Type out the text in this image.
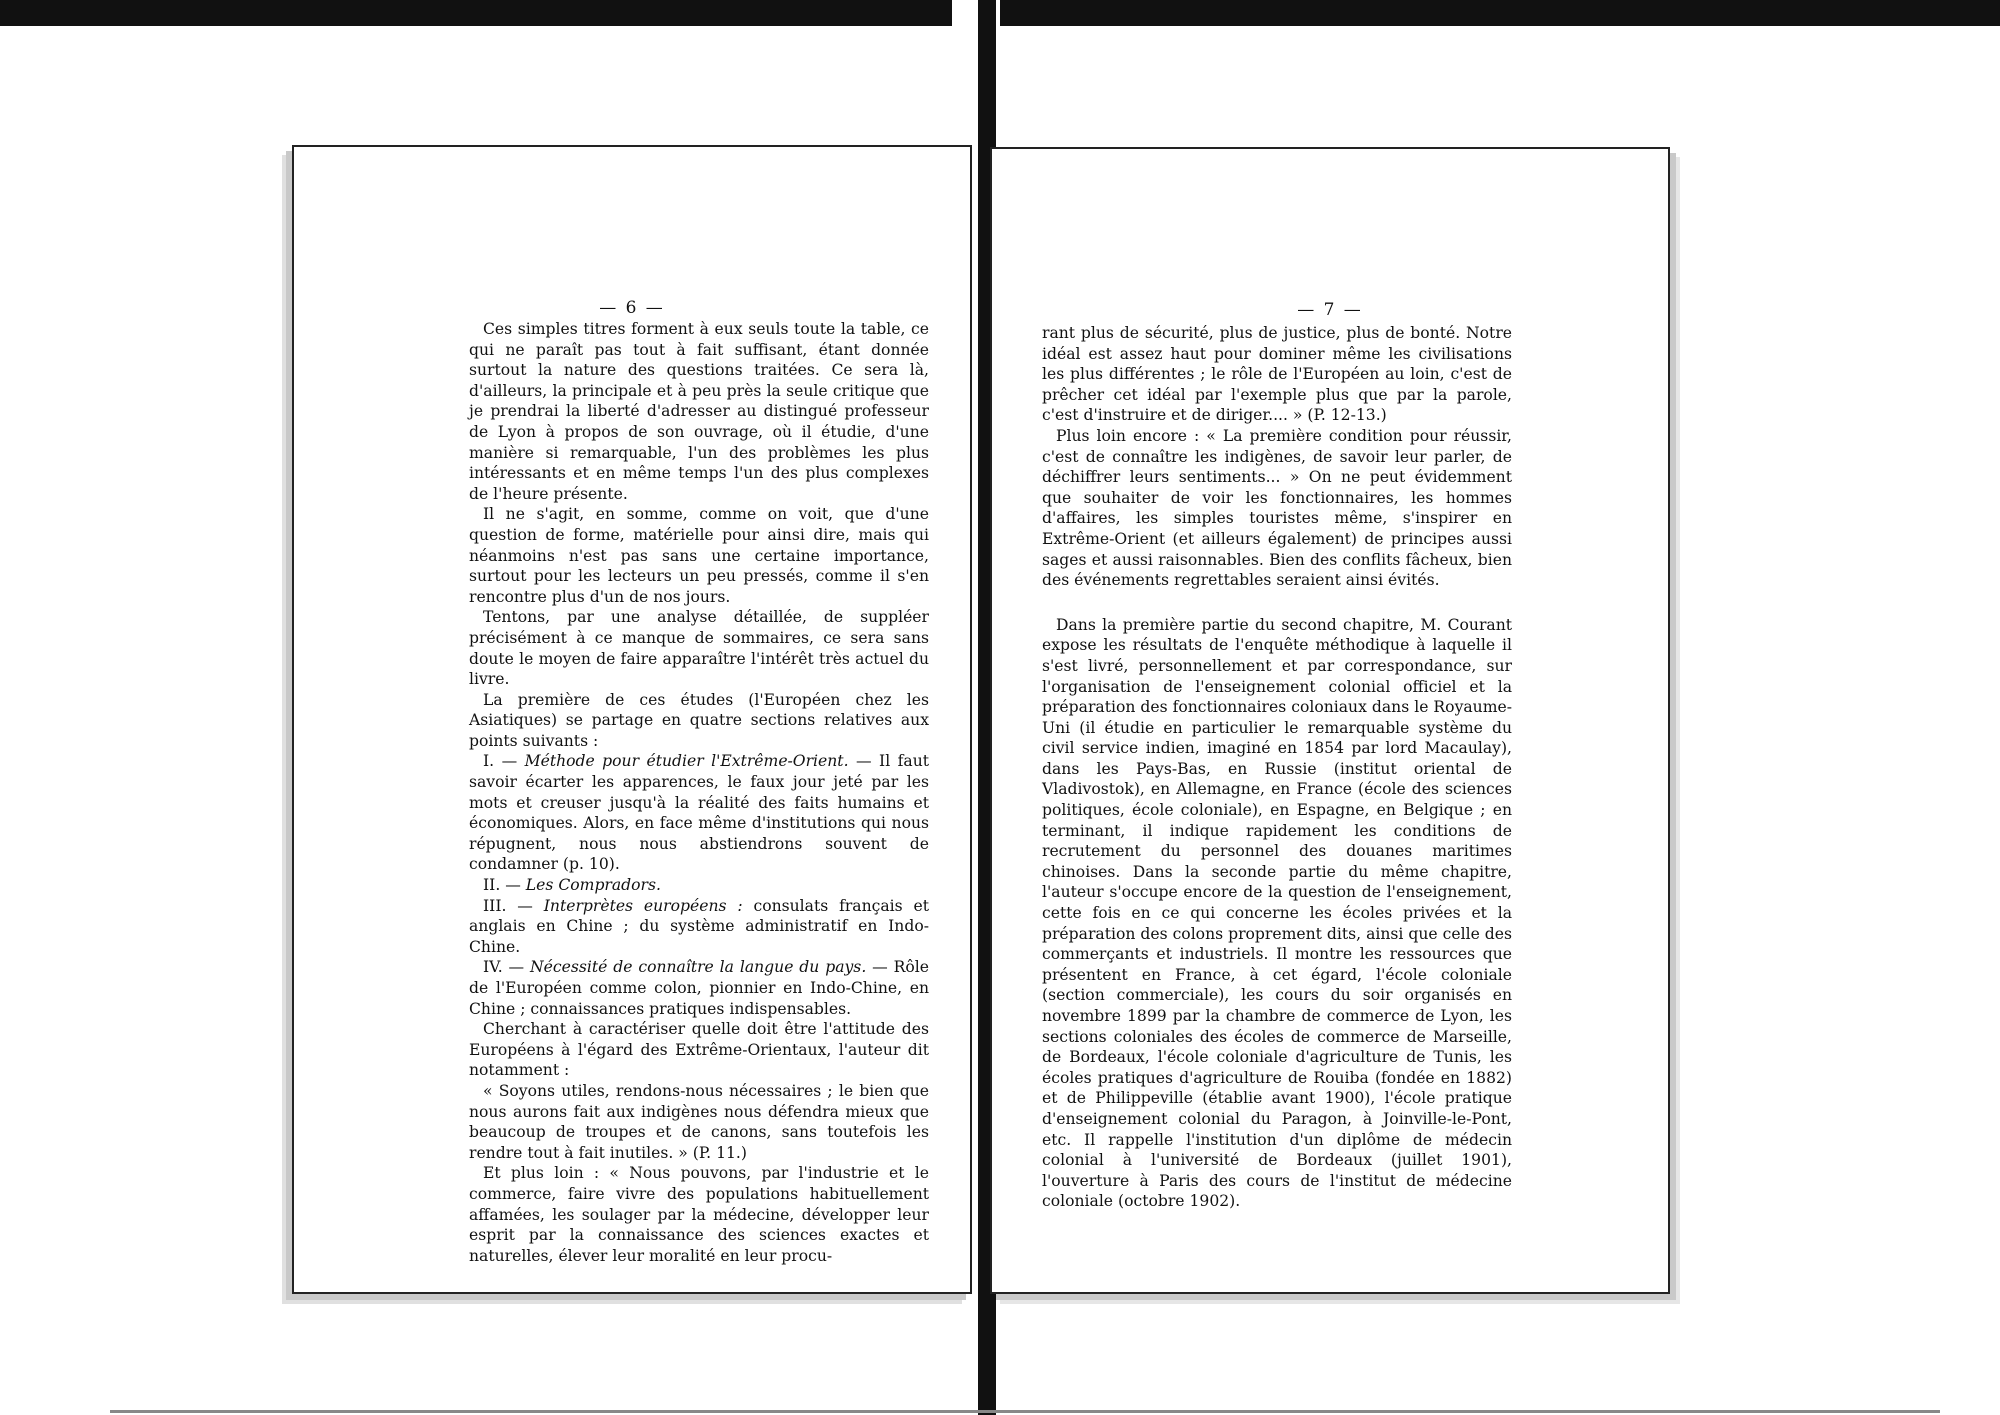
— 6 —

Ces simples titres forment à eux seuls toute la table, ce qui ne paraît pas tout à fait suffisant, étant donnée surtout la nature des questions traitées. Ce sera là, d'ailleurs, la principale et à peu près la seule critique que je prendrai la liberté d'adresser au distingué professeur de Lyon à propos de son ouvrage, où il étudie, d'une manière si remarquable, l'un des problèmes les plus intéressants et en même temps l'un des plus complexes de l'heure présente.

Il ne s'agit, en somme, comme on voit, que d'une question de forme, matérielle pour ainsi dire, mais qui néanmoins n'est pas sans une certaine importance, surtout pour les lecteurs un peu pressés, comme il s'en rencontre plus d'un de nos jours.

Tentons, par une analyse détaillée, de suppléer précisément à ce manque de sommaires, ce sera sans doute le moyen de faire apparaître l'intérêt très actuel du livre.

La première de ces études (l'Européen chez les Asiatiques) se partage en quatre sections relatives aux points suivants :

I. — Méthode pour étudier l'Extrême-Orient. — Il faut savoir écarter les apparences, le faux jour jeté par les mots et creuser jusqu'à la réalité des faits humains et économiques. Alors, en face même d'institutions qui nous répugnent, nous nous abstiendrons souvent de condamner (p. 10).

II. — Les Compradors.

III. — Interprètes européens : consulats français et anglais en Chine ; du système administratif en Indo-Chine.

IV. — Nécessité de connaître la langue du pays. — Rôle de l'Européen comme colon, pionnier en Indo-Chine, en Chine ; connaissances pratiques indispensables.

Cherchant à caractériser quelle doit être l'attitude des Européens à l'égard des Extrême-Orientaux, l'auteur dit notamment :

« Soyons utiles, rendons-nous nécessaires ; le bien que nous aurons fait aux indigènes nous défendra mieux que beaucoup de troupes et de canons, sans toutefois les rendre tout à fait inutiles. » (P. 11.)

Et plus loin : « Nous pouvons, par l'industrie et le commerce, faire vivre des populations habituellement affamées, les soulager par la médecine, développer leur esprit par la connaissance des sciences exactes et naturelles, élever leur moralité en leur procu-

— 7 —

rant plus de sécurité, plus de justice, plus de bonté. Notre idéal est assez haut pour dominer même les civilisations les plus différentes ; le rôle de l'Européen au loin, c'est de prêcher cet idéal par l'exemple plus que par la parole, c'est d'instruire et de diriger.... » (P. 12-13.)

Plus loin encore : « La première condition pour réussir, c'est de connaître les indigènes, de savoir leur parler, de déchiffrer leurs sentiments... » On ne peut évidemment que souhaiter de voir les fonctionnaires, les hommes d'affaires, les simples touristes même, s'inspirer en Extrême-Orient (et ailleurs également) de principes aussi sages et aussi raisonnables. Bien des conflits fâcheux, bien des événements regrettables seraient ainsi évités.

Dans la première partie du second chapitre, M. Courant expose les résultats de l'enquête méthodique à laquelle il s'est livré, personnellement et par correspondance, sur l'organisation de l'enseignement colonial officiel et la préparation des fonctionnaires coloniaux dans le Royaume-Uni (il étudie en particulier le remarquable système du civil service indien, imaginé en 1854 par lord Macaulay), dans les Pays-Bas, en Russie (institut oriental de Vladivostok), en Allemagne, en France (école des sciences politiques, école coloniale), en Espagne, en Belgique ; en terminant, il indique rapidement les conditions de recrutement du personnel des douanes maritimes chinoises. Dans la seconde partie du même chapitre, l'auteur s'occupe encore de la question de l'enseignement, cette fois en ce qui concerne les écoles privées et la préparation des colons proprement dits, ainsi que celle des commerçants et industriels. Il montre les ressources que présentent en France, à cet égard, l'école coloniale (section commerciale), les cours du soir organisés en novembre 1899 par la chambre de commerce de Lyon, les sections coloniales des écoles de commerce de Marseille, de Bordeaux, l'école coloniale d'agriculture de Tunis, les écoles pratiques d'agriculture de Rouiba (fondée en 1882) et de Philippeville (établie avant 1900), l'école pratique d'enseignement colonial du Paragon, à Joinville-le-Pont, etc. Il rappelle l'institution d'un diplôme de médecin colonial à l'université de Bordeaux (juillet 1901), l'ouverture à Paris des cours de l'institut de médecine coloniale (octobre 1902).
